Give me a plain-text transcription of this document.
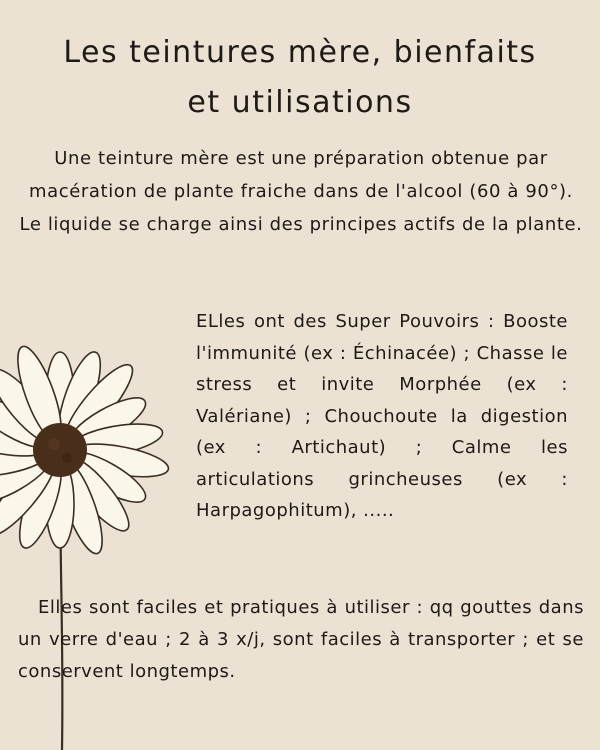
Les teintures mère, bienfaits
et utilisations

Une teinture mère est une préparation obtenue par macération de plante fraiche dans de l'alcool (60 à 90°). Le liquide se charge ainsi des principes actifs de la plante.

ELles ont des Super Pouvoirs : Booste l'immunité (ex : Échinacée) ; Chasse le stress et invite Morphée (ex : Valériane) ; Chouchoute la digestion (ex : Artichaut) ; Calme les articulations grincheuses (ex : Harpagophitum), .....

Elles sont faciles et pratiques à utiliser : qq gouttes dans un verre d'eau ; 2 à 3 x/j, sont faciles à transporter ; et se conservent longtemps.
